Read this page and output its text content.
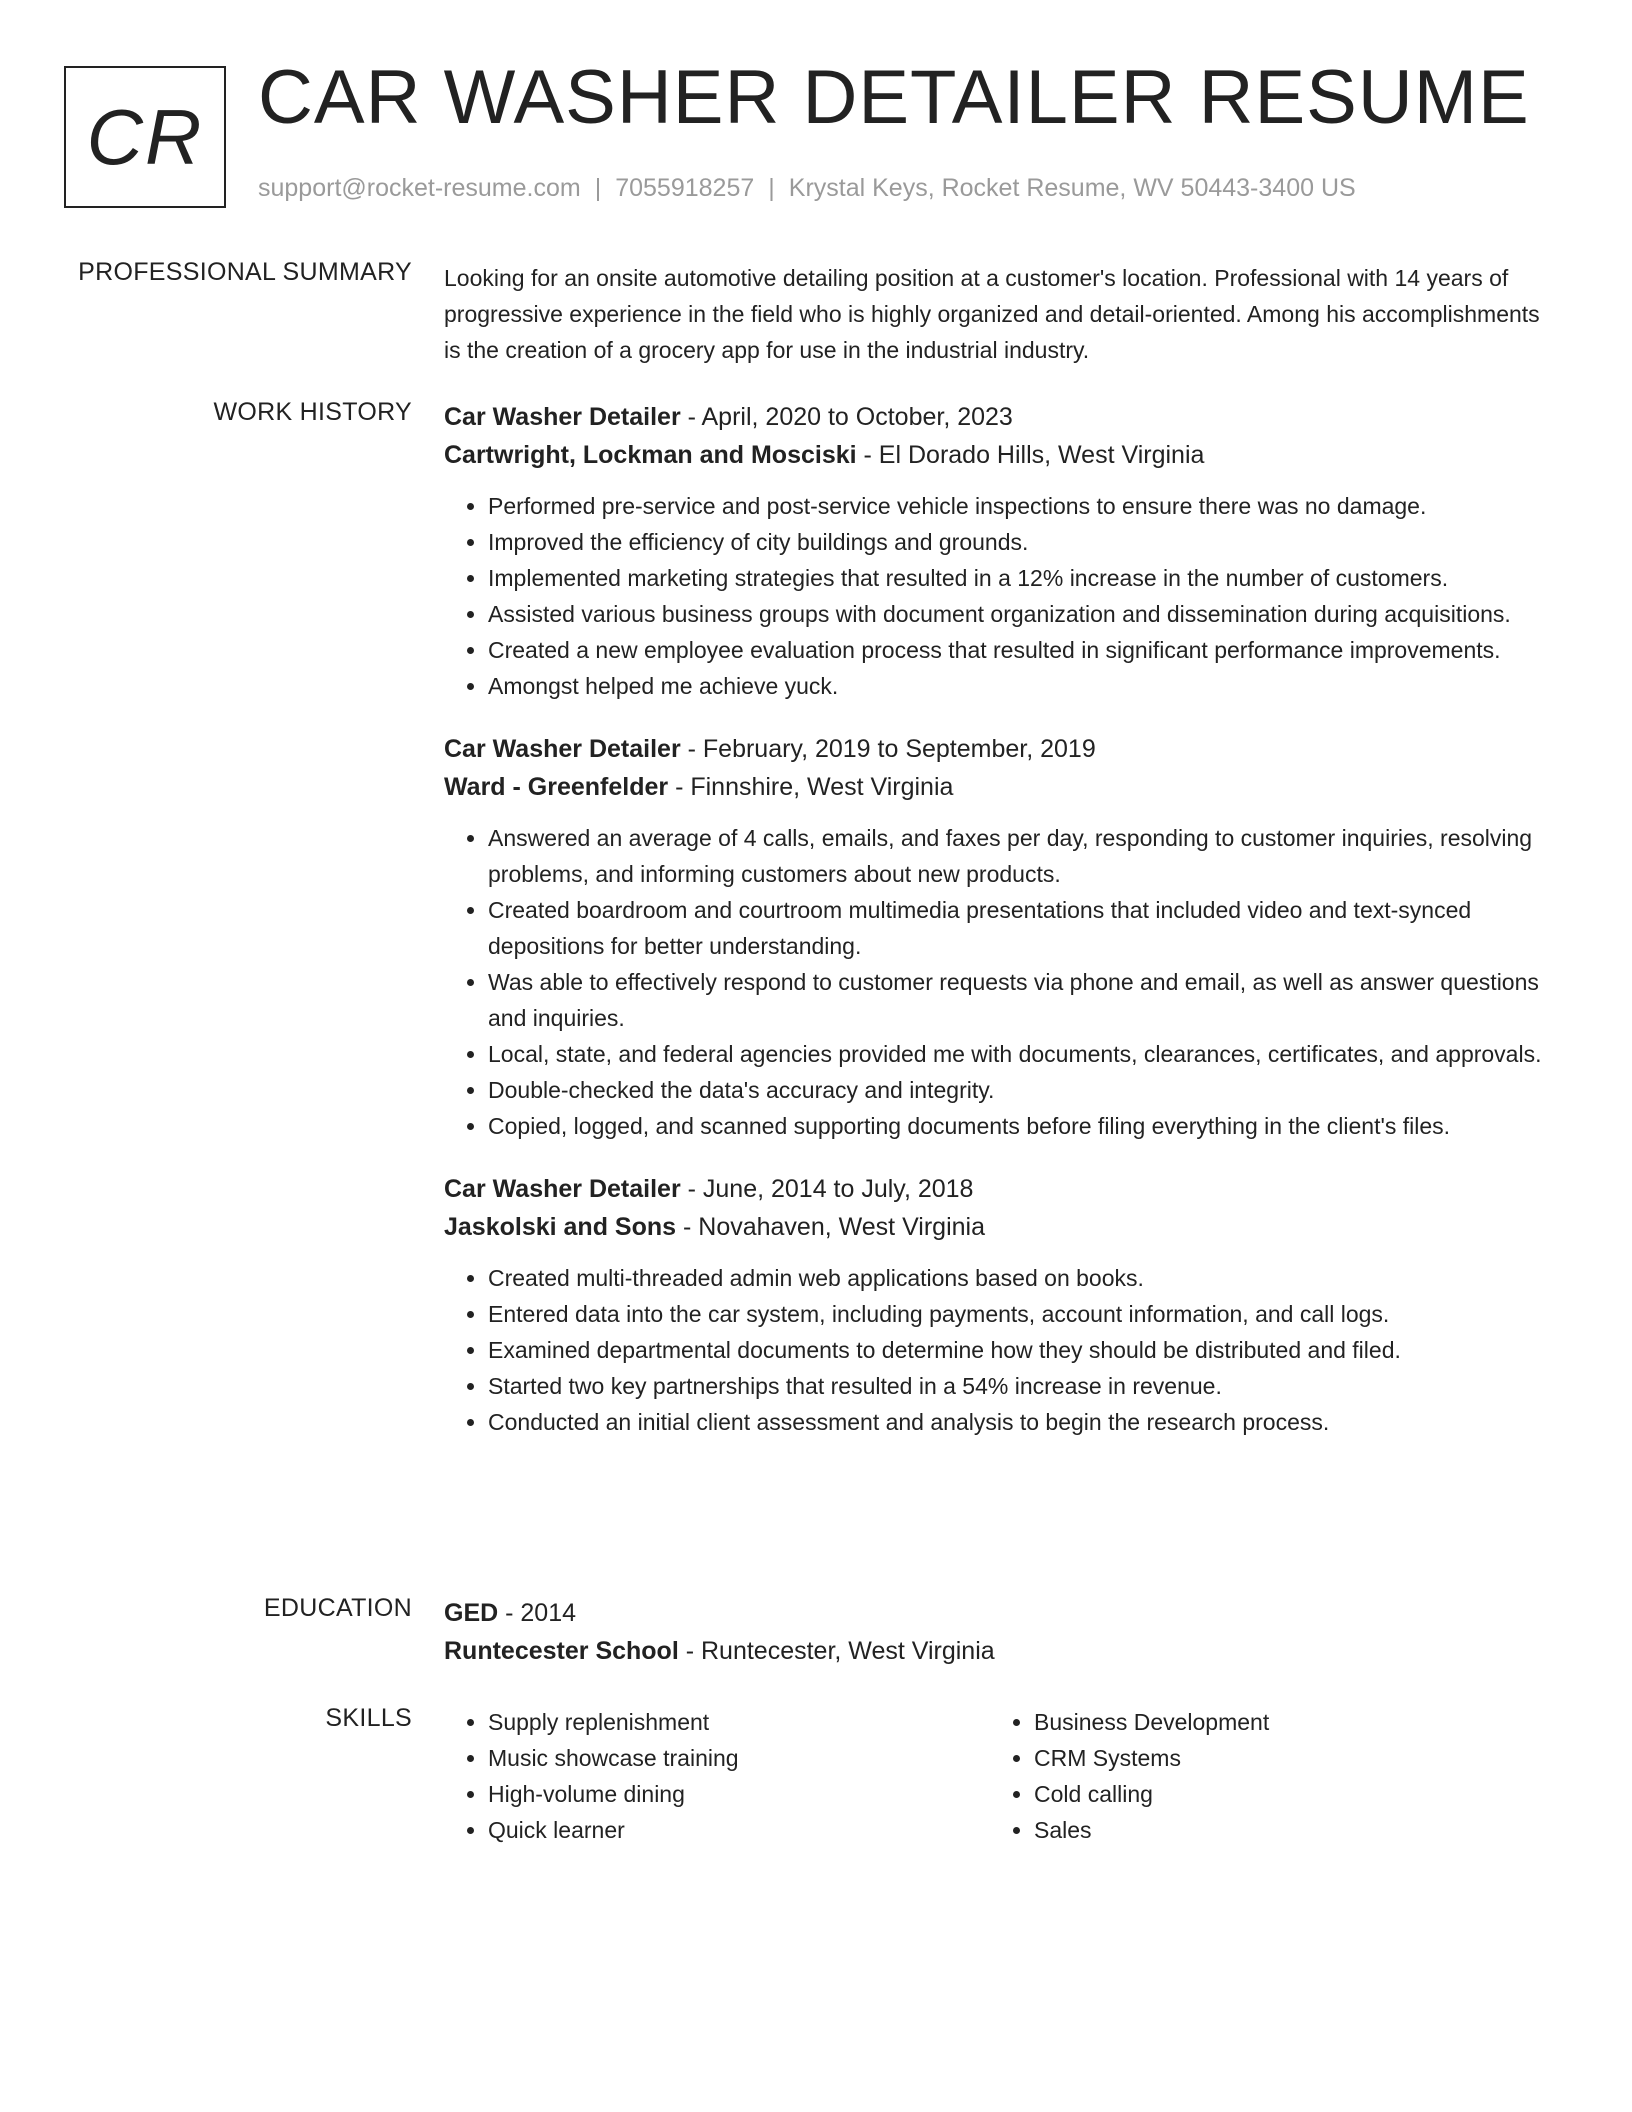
CR CAR WASHER DETAILER RESUME
support@rocket-resume.com | 7055918257 | Krystal Keys, Rocket Resume, WV 50443-3400 US
PROFESSIONAL SUMMARY Looking for an onsite automotive detailing position at a customer's location. Professional with 14 years of progressive experience in the field who is highly organized and detail-oriented. Among his accomplishments is the creation of a grocery app for use in the industrial industry.

WORK HISTORY Car Washer Detailer - April, 2020 to October, 2023
Cartwright, Lockman and Mosciski - El Dorado Hills, West Virginia
• Performed pre-service and post-service vehicle inspections to ensure there was no damage.
• Improved the efficiency of city buildings and grounds.
• Implemented marketing strategies that resulted in a 12% increase in the number of customers.
• Assisted various business groups with document organization and dissemination during acquisitions.
• Created a new employee evaluation process that resulted in significant performance improvements.
• Amongst helped me achieve yuck.
Car Washer Detailer - February, 2019 to September, 2019
Ward - Greenfelder - Finnshire, West Virginia
• Answered an average of 4 calls, emails, and faxes per day, responding to customer inquiries, resolving problems, and informing customers about new products.
• Created boardroom and courtroom multimedia presentations that included video and text-synced depositions for better understanding.
• Was able to effectively respond to customer requests via phone and email, as well as answer questions and inquiries.
• Local, state, and federal agencies provided me with documents, clearances, certificates, and approvals.
• Double-checked the data's accuracy and integrity.
• Copied, logged, and scanned supporting documents before filing everything in the client's files.
Car Washer Detailer - June, 2014 to July, 2018
Jaskolski and Sons - Novahaven, West Virginia
• Created multi-threaded admin web applications based on books.
• Entered data into the car system, including payments, account information, and call logs.
• Examined departmental documents to determine how they should be distributed and filed.
• Started two key partnerships that resulted in a 54% increase in revenue.
• Conducted an initial client assessment and analysis to begin the research process.
EDUCATION GED - 2014
Runtecester School - Runtecester, West Virginia
SKILLS
•	Supply replenishment
• Music showcase training
• High-volume dining
• Quick learner
• Business Development
• CRM Systems
• Cold calling
• Sales
